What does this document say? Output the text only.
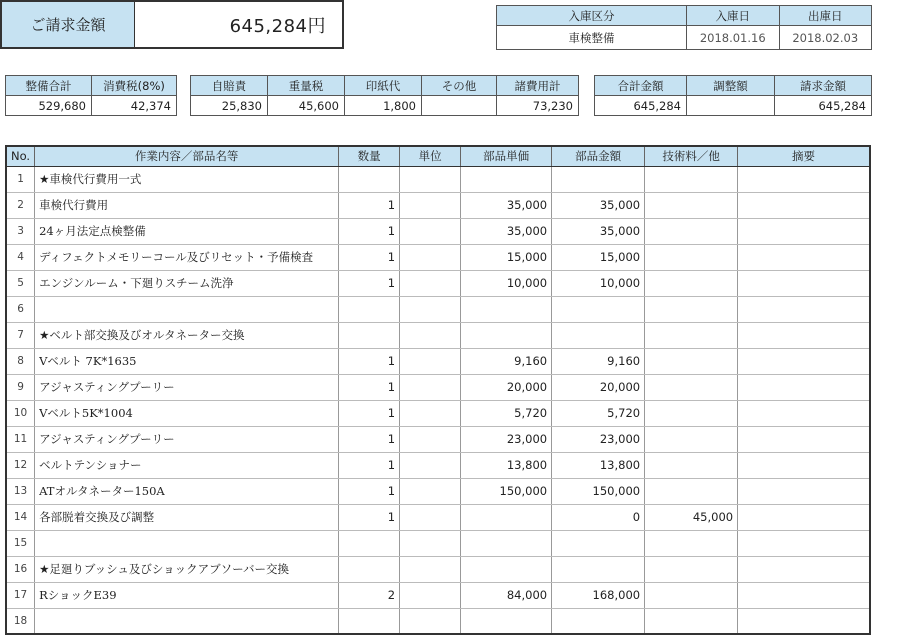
ご請求金額	645,284円	入庫区分	入庫日	出庫日
車検整備	2018.01.16	2018.02.03
整備合計	消費税(8%)
529,680	42,374
自賠責	重量税	印紙代	その他	諸費用計
25,830	45,600	1,800		73,230
合計金額	調整額	請求金額
645,284		645,284
No.	作業内容／部品名等	数量	単位	部品単価	部品金額	技術料／他	摘要
1	★車検代行費用一式						
2	車検代行費用	1		35,000	35,000		
3	24ヶ月法定点検整備	1		35,000	35,000		
4	ディフェクトメモリーコール及びリセット・予備検査	1		15,000	15,000		
5	エンジンルーム・下廻りスチーム洗浄	1		10,000	10,000		
6							
7	★ベルト部交換及びオルタネーター交換						
8	Vベルト 7K*1635	1		9,160	9,160		
9	アジャスティングプーリー	1		20,000	20,000		
10	Vベルト5K*1004	1		5,720	5,720		
11	アジャスティングプーリー	1		23,000	23,000		
12	ベルトテンショナー	1		13,800	13,800		
13	ATオルタネーター150A	1		150,000	150,000		
14	各部脱着交換及び調整	1			0	45,000	
15							
16	★足廻りブッシュ及びショックアブソーバー交換						
17	RショックE39	2		84,000	168,000		
18							
